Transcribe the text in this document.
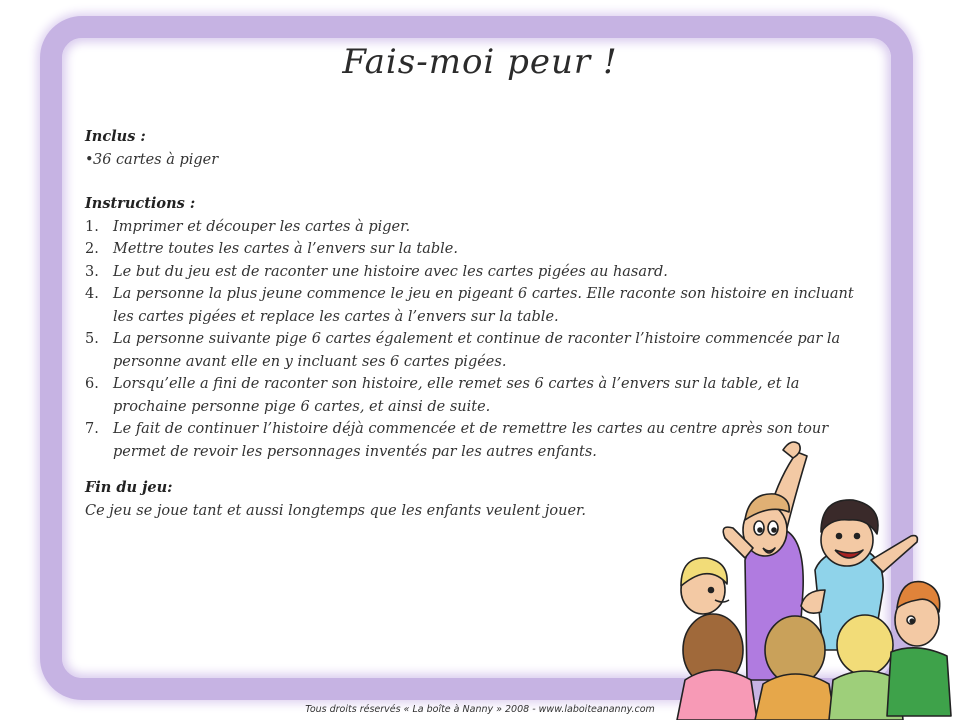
Fais-moi peur !
Inclus :
• 36 cartes à piger
Instructions :
1. Imprimer et découper les cartes à piger.
2. Mettre toutes les cartes à l’envers sur la table.
3. Le but du jeu est de raconter une histoire avec les cartes pigées au hasard.
4. La personne la plus jeune commence le jeu en pigeant 6 cartes. Elle raconte son histoire en incluant les cartes pigées et replace les cartes à l’envers sur la table.
5. La personne suivante pige 6 cartes également et continue de raconter l’histoire commencée par la personne avant elle en y incluant ses 6 cartes pigées.
6. Lorsqu’elle a fini de raconter son histoire, elle remet ses 6 cartes à l’envers sur la table, et la prochaine personne pige 6 cartes, et ainsi de suite.
7. Le fait de continuer l’histoire déjà commencée et de remettre les cartes au centre après son tour permet de revoir les personnages inventés par les autres enfants.
Fin du jeu:
Ce jeu se joue tant et aussi longtemps que les enfants veulent jouer.
Tous droits réservés « La boîte à Nanny » 2008 - www.laboiteananny.com
